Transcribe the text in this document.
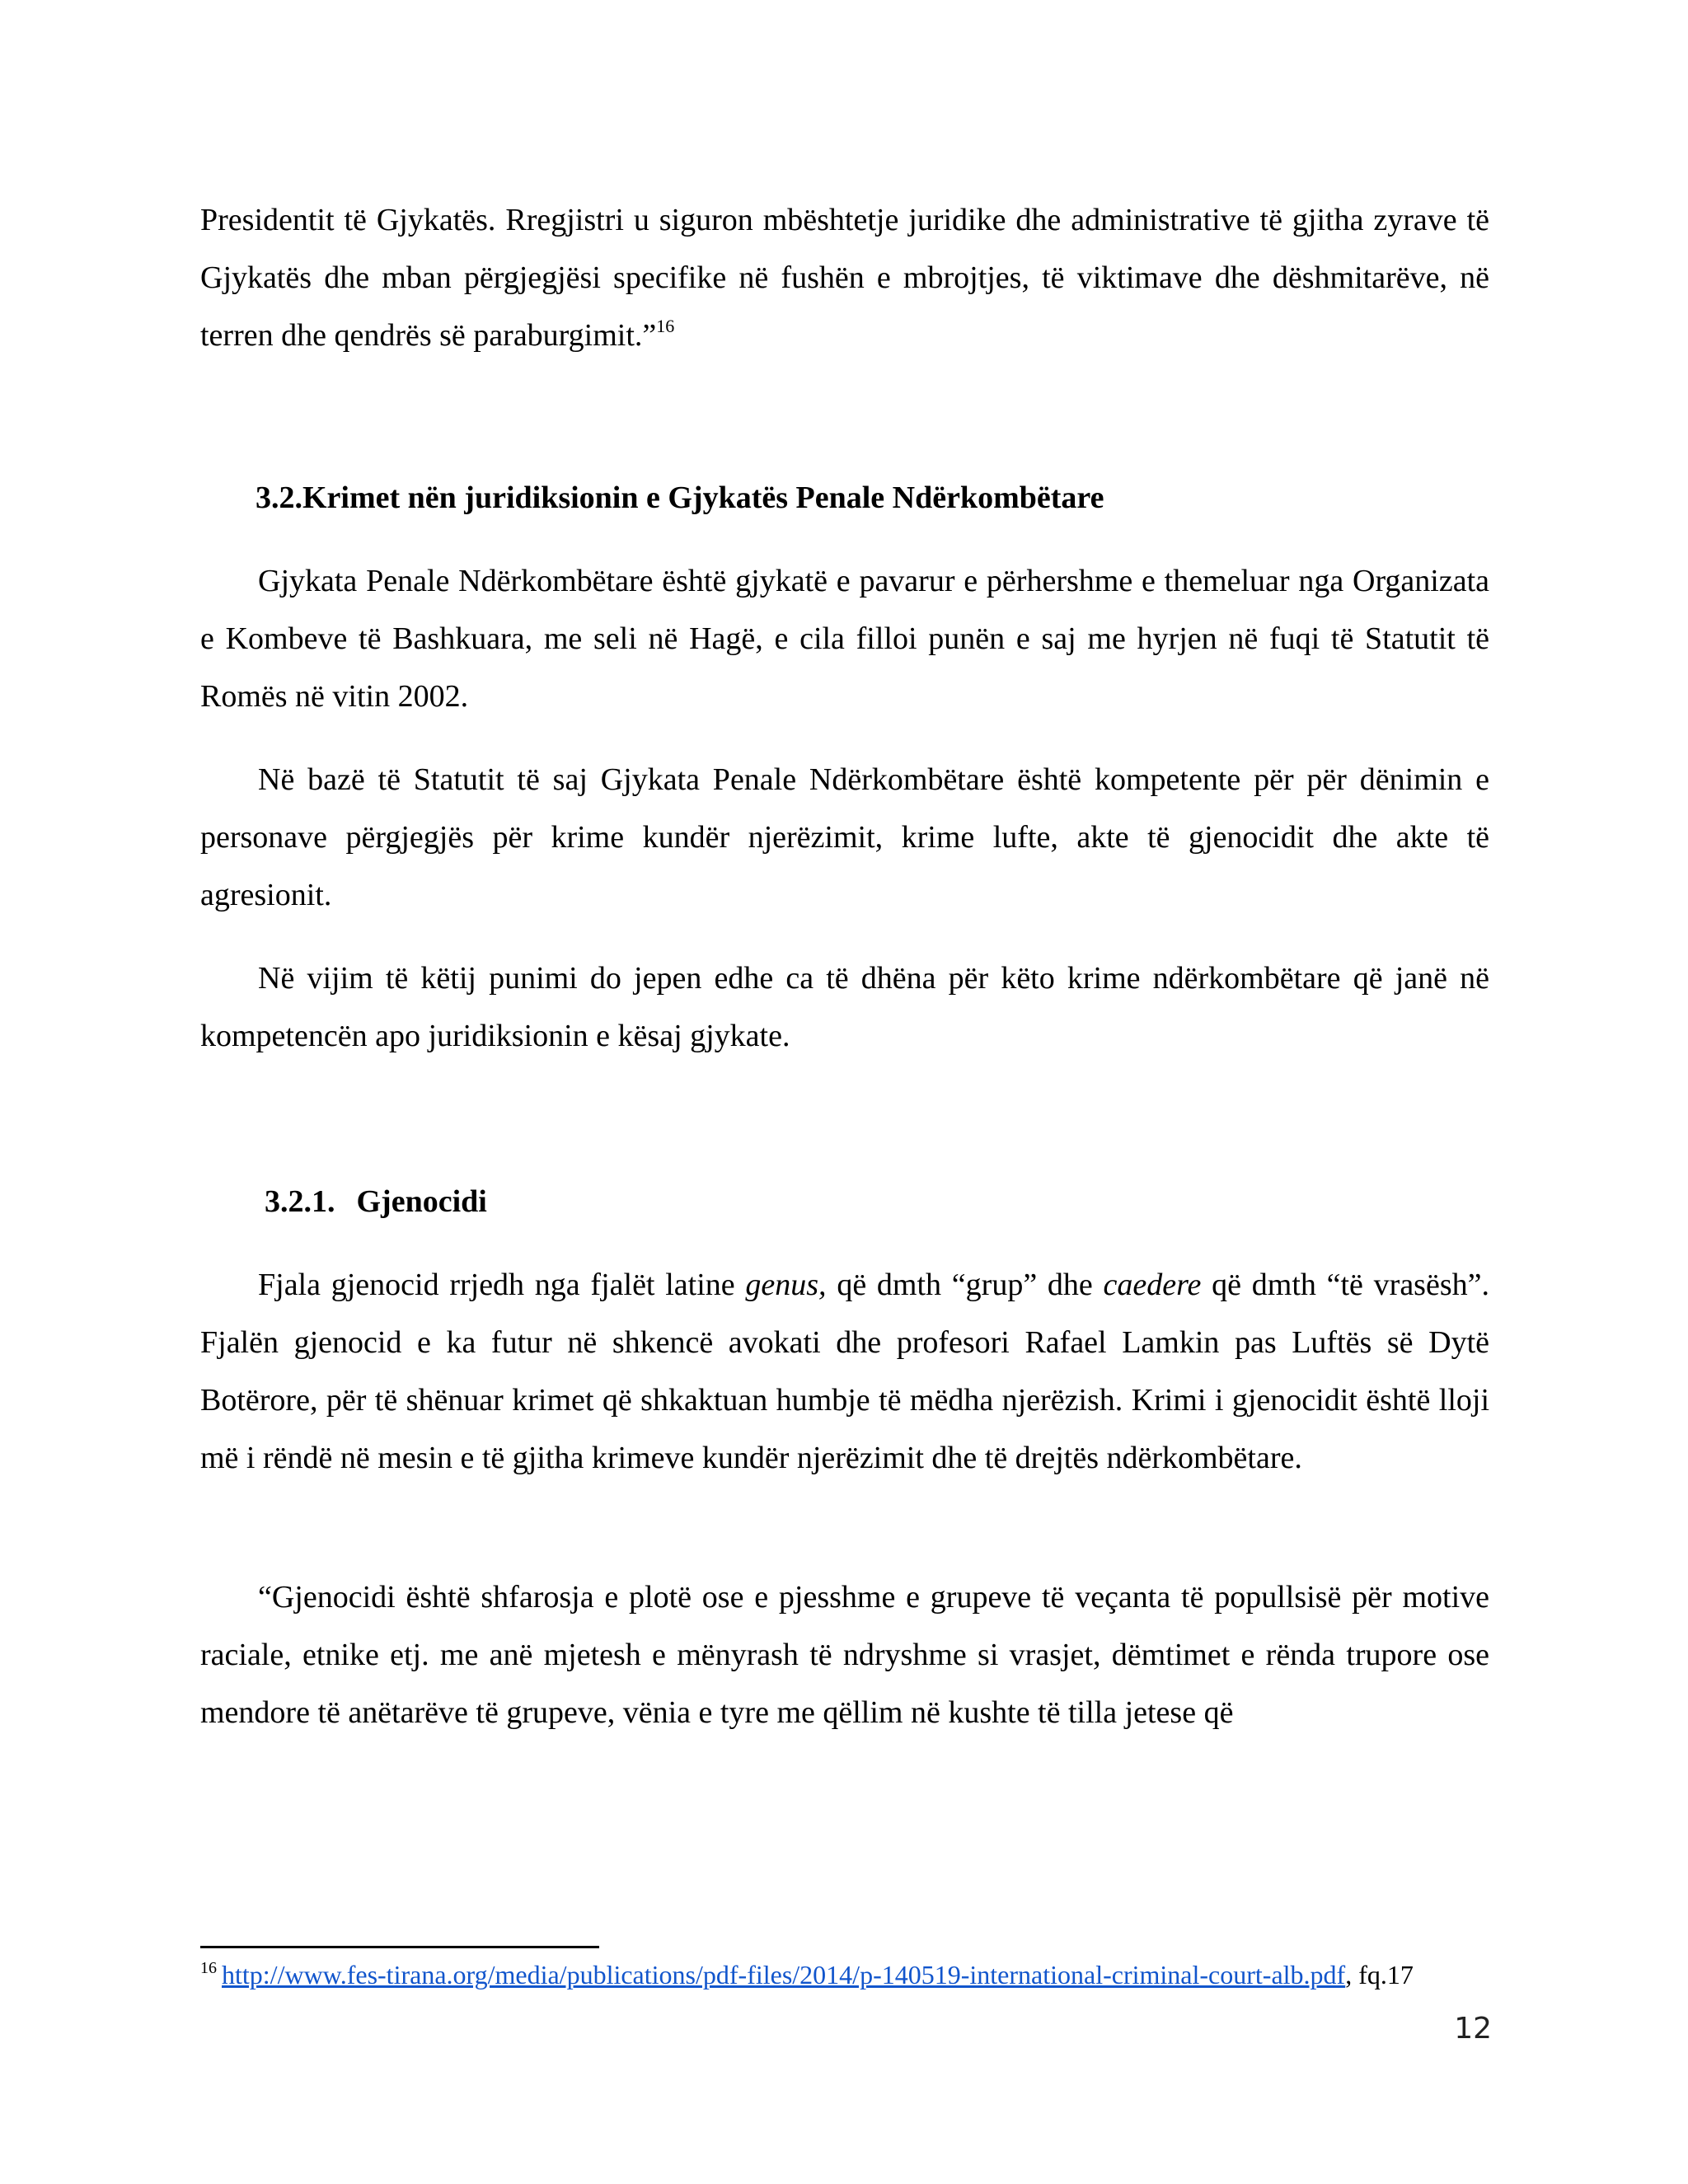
Presidentit të Gjykatës. Rregjistri u siguron mbështetje juridike dhe administrative të gjitha zyrave të Gjykatës dhe mban përgjegjësi specifike në fushën e mbrojtjes, të viktimave dhe dëshmitarëve, në terren dhe qendrës së paraburgimit.”$^{16}$

3.2.Krimet nën juridiksionin e Gjykatës Penale Ndërkombëtare

Gjykata Penale Ndërkombëtare është gjykatë e pavarur e përhershme e themeluar nga Organizata e Kombeve të Bashkuara, me seli në Hagë, e cila filloi punën e saj me hyrjen në fuqi të Statutit të Romës në vitin 2002.

Në bazë të Statutit të saj Gjykata Penale Ndërkombëtare është kompetente për për dënimin e personave përgjegjës për krime kundër njerëzimit, krime lufte, akte të gjenocidit dhe akte të agresionit.

Në vijim të këtij punimi do jepen edhe ca të dhëna për këto krime ndërkombëtare që janë në kompetencën apo juridiksionin e kësaj gjykate.

3.2.1. Gjenocidi

Fjala gjenocid rrjedh nga fjalët latine genus, që dmth “grup” dhe caedere që dmth “të vrasësh”. Fjalën gjenocid e ka futur në shkencë avokati dhe profesori Rafael Lamkin pas Luftës së Dytë Botërore, për të shënuar krimet që shkaktuan humbje të mëdha njerëzish. Krimi i gjenocidit është lloji më i rëndë në mesin e të gjitha krimeve kundër njerëzimit dhe të drejtës ndërkombëtare.

“Gjenocidi është shfarosja e plotë ose e pjesshme e grupeve të veçanta të popullsisë për motive raciale, etnike etj. me anë mjetesh e mënyrash të ndryshme si vrasjet, dëmtimet e rënda trupore ose mendore të anëtarëve të grupeve, vënia e tyre me qëllim në kushte të tilla jetese që

$^{16}$ http://www.fes-tirana.org/media/publications/pdf-files/2014/p-140519-international-criminal-court-alb.pdf, fq.17

12
